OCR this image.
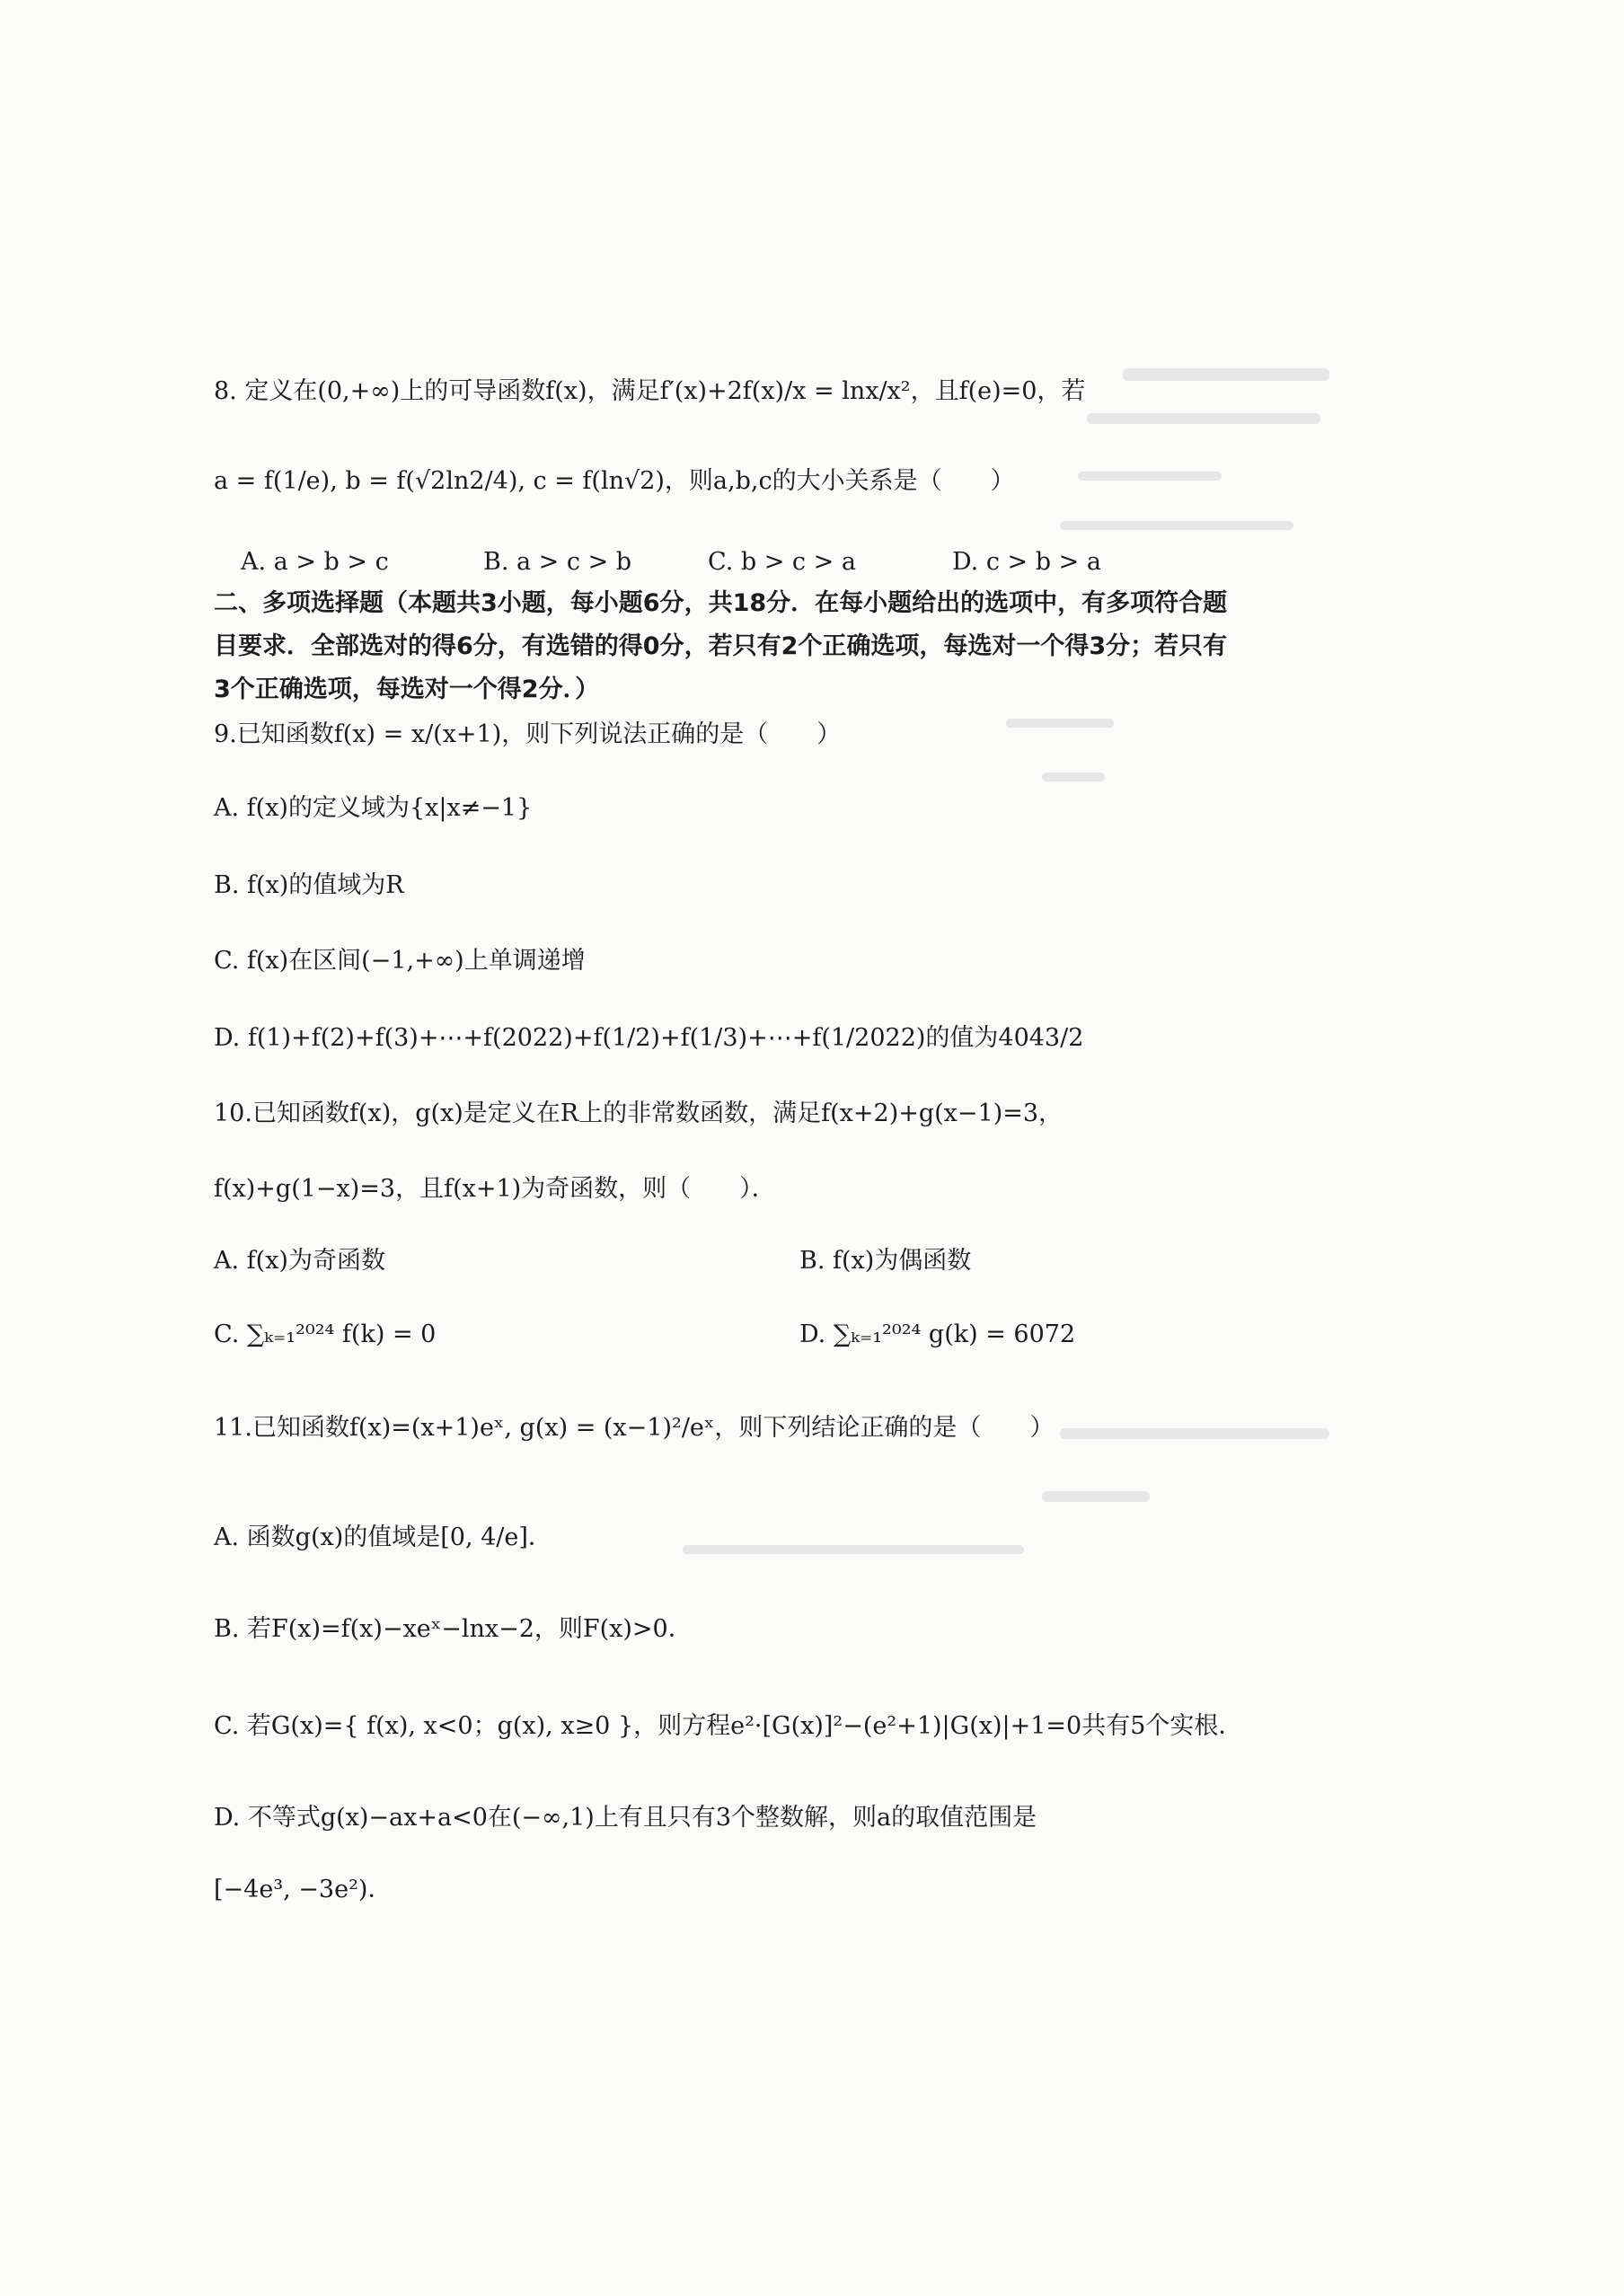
8. 定义在(0,+∞)上的可导函数f(x)，满足f′(x)+2f(x)/x = lnx/x²，且f(e)=0，若
a = f(1/e), b = f(√2ln2/4), c = f(ln√2)，则a,b,c的大小关系是（　　）
A. a > b > c	B. a > c > b	C. b > c > a	D. c > b > a
二、多项选择题（本题共3小题，每小题6分，共18分．在每小题给出的选项中，有多项符合题目要求．全部选对的得6分，有选错的得0分，若只有2个正确选项，每选对一个得3分；若只有3个正确选项，每选对一个得2分．）
9.已知函数f(x) = x/(x+1)，则下列说法正确的是（　　）
A. f(x)的定义域为{x|x≠−1}
B. f(x)的值域为R
C. f(x)在区间(−1,+∞)上单调递增
D. f(1)+f(2)+f(3)+⋯+f(2022)+f(1/2)+f(1/3)+⋯+f(1/2022)的值为4043/2
10.已知函数f(x)，g(x)是定义在R上的非常数函数，满足f(x+2)+g(x−1)=3，
f(x)+g(1−x)=3，且f(x+1)为奇函数，则（　　）．
A. f(x)为奇函数	B. f(x)为偶函数
C. ∑ₖ₌₁²⁰²⁴ f(k) = 0	D. ∑ₖ₌₁²⁰²⁴ g(k) = 6072
11.已知函数f(x)=(x+1)eˣ, g(x) = (x−1)²/eˣ，则下列结论正确的是（　　）
A. 函数g(x)的值域是[0, 4/e]．
B. 若F(x)=f(x)−xeˣ−lnx−2，则F(x)>0．
C. 若G(x)={ f(x), x<0；g(x), x≥0 }，则方程e²·[G(x)]²−(e²+1)|G(x)|+1=0共有5个实根．
D. 不等式g(x)−ax+a<0在(−∞,1)上有且只有3个整数解，则a的取值范围是
[−4e³, −3e²)．
